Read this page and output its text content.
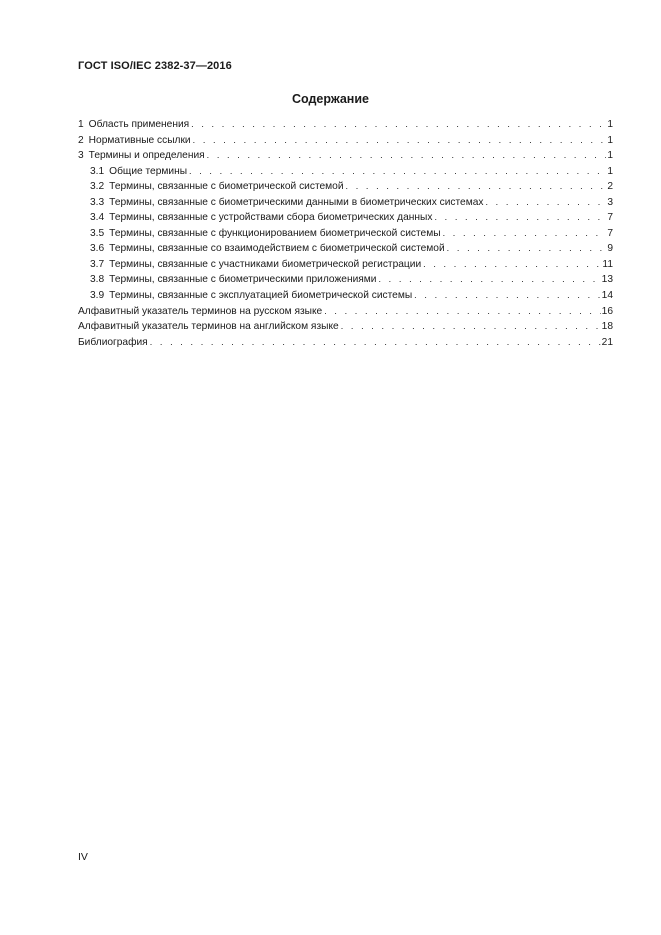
ГОСТ ISO/IEC 2382-37—2016
Содержание
1 Область применения . . .	1
2 Нормативные ссылки . . .	1
3 Термины и определения . . .	1
3.1 Общие термины . . .	1
3.2 Термины, связанные с биометрической системой . . .	2
3.3 Термины, связанные с биометрическими данными в биометрических системах . . .	3
3.4 Термины, связанные с устройствами сбора биометрических данных . . .	7
3.5 Термины, связанные с функционированием биометрической системы . . .	7
3.6 Термины, связанные со взаимодействием с биометрической системой . . .	9
3.7 Термины, связанные с участниками биометрической регистрации . . .	11
3.8 Термины, связанные с биометрическими приложениями . . .	13
3.9 Термины, связанные с эксплуатацией биометрической системы . . .	14
Алфавитный указатель терминов на русском языке . . .	16
Алфавитный указатель терминов на английском языке . . .	18
Библиография . . .	21
IV
